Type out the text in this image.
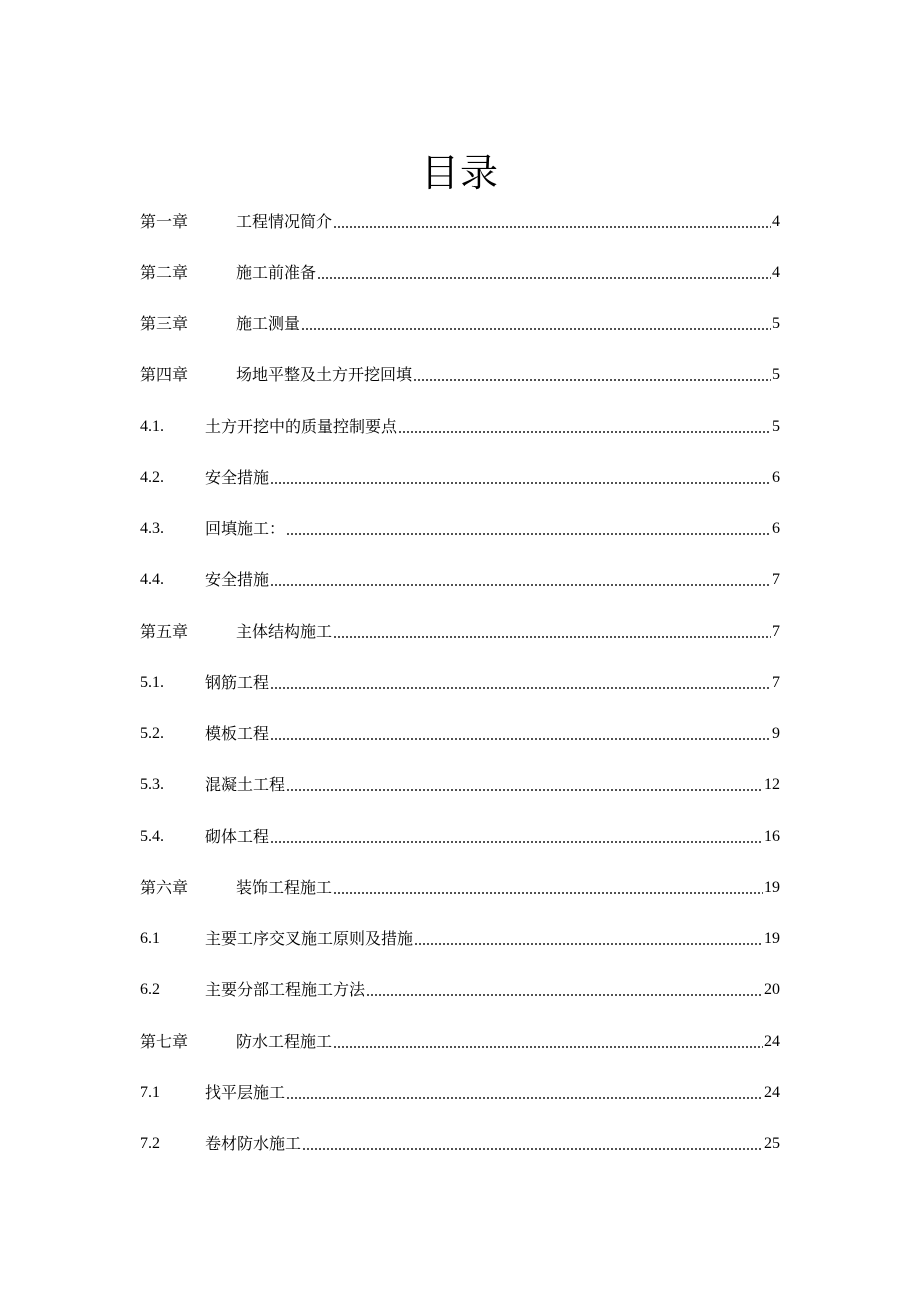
目录
第一章	工程情况简介	4
第二章	施工前准备	4
第三章	施工测量	5
第四章	场地平整及土方开挖回填	5
4.1.	土方开挖中的质量控制要点	5
4.2.	安全措施	6
4.3.	回填施工：	6
4.4.	安全措施	7
第五章	主体结构施工	7
5.1.	钢筋工程	7
5.2.	模板工程	9
5.3.	混凝土工程	12
5.4.	砌体工程	16
第六章	装饰工程施工	19
6.1	主要工序交叉施工原则及措施	19
6.2	主要分部工程施工方法	20
第七章	防水工程施工	24
7.1	找平层施工	24
7.2	卷材防水施工	25
